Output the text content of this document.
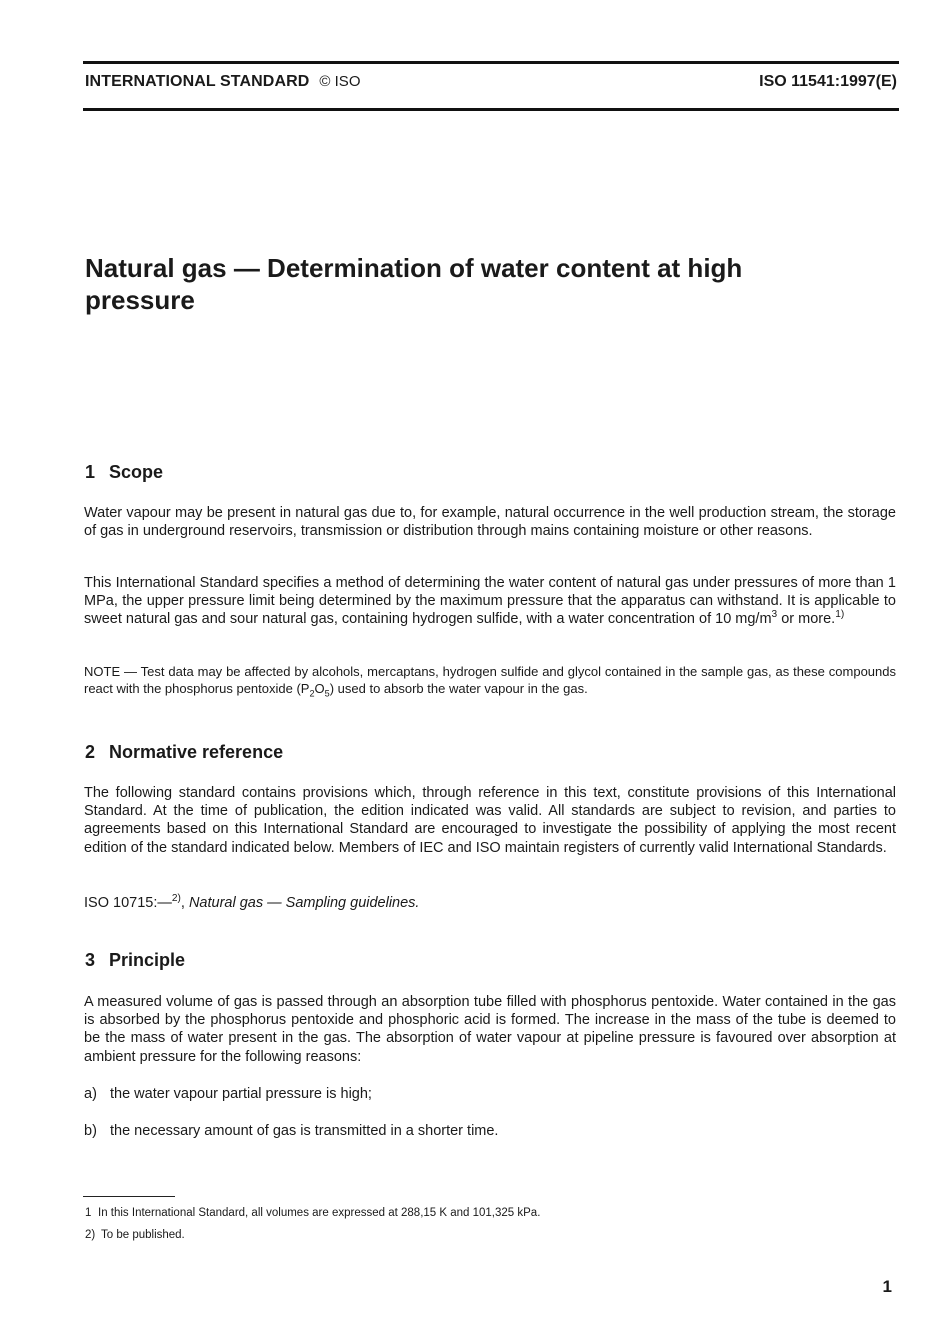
INTERNATIONAL STANDARD © ISO	ISO 11541:1997(E)
Natural gas — Determination of water content at high pressure
1 Scope

Water vapour may be present in natural gas due to, for example, natural occurrence in the well production stream, the storage of gas in underground reservoirs, transmission or distribution through mains containing moisture or other reasons.

This International Standard specifies a method of determining the water content of natural gas under pressures of more than 1 MPa, the upper pressure limit being determined by the maximum pressure that the apparatus can withstand. It is applicable to sweet natural gas and sour natural gas, containing hydrogen sulfide, with a water concentration of 10 $mg/m^3$ or more.$^{1)}$

NOTE — Test data may be affected by alcohols, mercaptans, hydrogen sulfide and glycol contained in the sample gas, as these compounds react with the phosphorus pentoxide $(P_2O_5)$ used to absorb the water vapour in the gas.

2 Normative reference

The following standard contains provisions which, through reference in this text, constitute provisions of this International Standard. At the time of publication, the edition indicated was valid. All standards are subject to revision, and parties to agreements based on this International Standard are encouraged to investigate the possibility of applying the most recent edition of the standard indicated below. Members of IEC and ISO maintain registers of currently valid International Standards.

ISO 10715:—$^{2)}$, Natural gas — Sampling guidelines.

3 Principle

A measured volume of gas is passed through an absorption tube filled with phosphorus pentoxide. Water contained in the gas is absorbed by the phosphorus pentoxide and phosphoric acid is formed. The increase in the mass of the tube is deemed to be the mass of water present in the gas. The absorption of water vapour at pipeline pressure is favoured over absorption at ambient pressure for the following reasons:

a) the water vapour partial pressure is high;

b) the necessary amount of gas is transmitted in a shorter time.

1 In this International Standard, all volumes are expressed at 288,15 K and 101,325 kPa.

2) To be published.

1
